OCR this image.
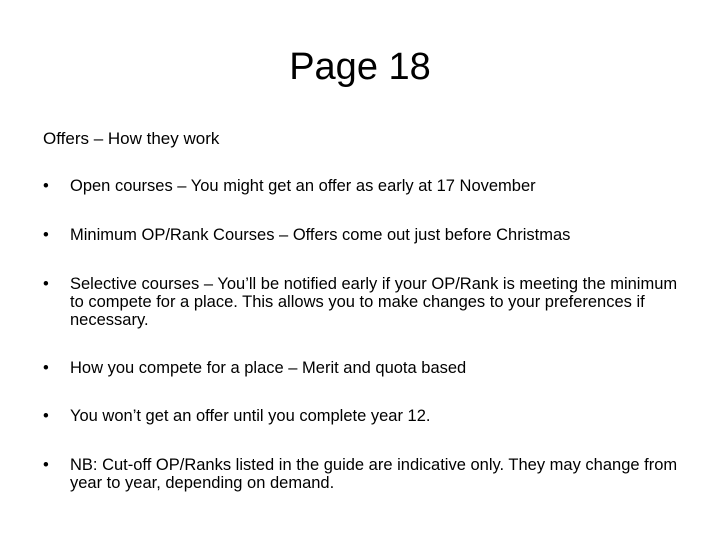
Page 18

Offers – How they work

•	Open courses – You might get an offer as early at 17 November
•	Minimum OP/Rank Courses – Offers come out just before Christmas
•	Selective courses – You’ll be notified early if your OP/Rank is meeting the minimum to compete for a place. This allows you to make changes to your preferences if necessary.
•	How you compete for a place – Merit and quota based
•	You won’t get an offer until you complete year 12.
•	NB: Cut-off OP/Ranks listed in the guide are indicative only. They may change from year to year, depending on demand.
